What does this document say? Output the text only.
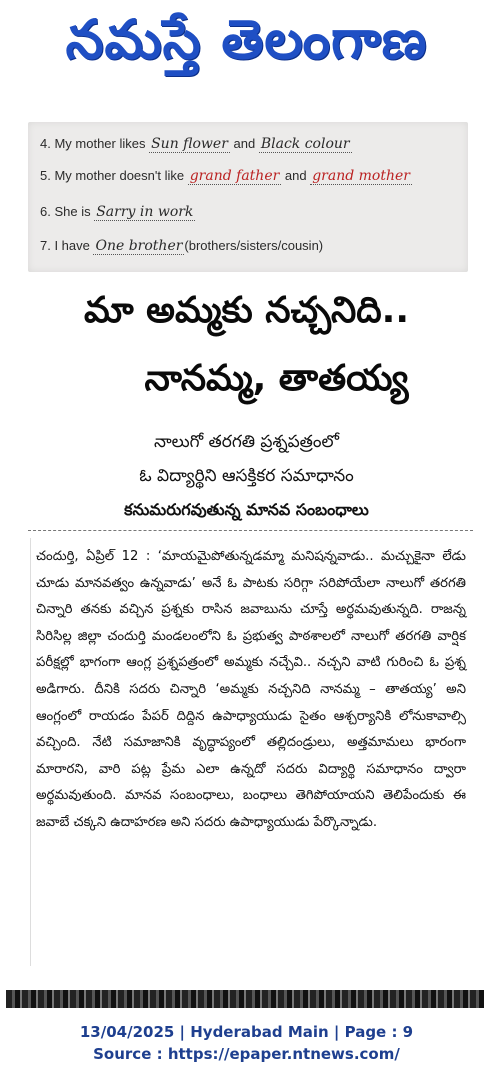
నమస్తే తెలంగాణ
4. My mother likes Sun flower and Black colour
5. My mother doesn't like grand father and grand mother
6. She is Sarry in work
7. I have One brother (brothers/sisters/cousin)
మా అమ్మకు నచ్చనిది..
నానమ్మ, తాతయ్య
నాలుగో తరగతి ప్రశ్నపత్రంలో
ఓ విద్యార్థిని ఆసక్తికర సమాధానం
కనుమరుగవుతున్న మానవ సంబంధాలు
చందుర్తి, ఏప్రిల్ 12 : ‘మాయమైపోతున్నడమ్మా మనిషన్నవాడు.. మచ్చుకైనా లేడు చూడు మానవత్వం ఉన్నవాడు’ అనే ఓ పాటకు సరిగ్గా సరిపోయేలా నాలుగో తరగతి చిన్నారి తనకు వచ్చిన ప్రశ్నకు రాసిన జవాబును చూస్తే అర్థమవుతున్నది. రాజన్న సిరిసిల్ల జిల్లా చందుర్తి మండలంలోని ఓ ప్రభుత్వ పాఠశాలలో నాలుగో తరగతి వార్షిక పరీక్షల్లో భాగంగా ఆంగ్ల ప్రశ్నపత్రంలో అమ్మకు నచ్చేవి.. నచ్చని వాటి గురించి ఓ ప్రశ్న అడిగారు. దీనికి సదరు చిన్నారి ‘అమ్మకు నచ్చనిది నానమ్మ – తాతయ్య’ అని ఆంగ్లంలో రాయడం పేపర్ దిద్దిన ఉపాధ్యాయుడు సైతం ఆశ్చర్యానికి లోనుకావాల్సి వచ్చింది. నేటి సమాజానికి వృద్ధాప్యంలో తల్లిదండ్రులు, అత్తమామలు భారంగా మారారని, వారి పట్ల ప్రేమ ఎలా ఉన్నదో సదరు విద్యార్థి సమాధానం ద్వారా అర్థమవుతుంది. మానవ సంబంధాలు, బంధాలు తెగిపోయాయని తెలిపేందుకు ఈ జవాబే చక్కని ఉదాహరణ అని సదరు ఉపాధ్యాయుడు పేర్కొన్నాడు.
13/04/2025 | Hyderabad Main | Page : 9
Source : https://epaper.ntnews.com/
